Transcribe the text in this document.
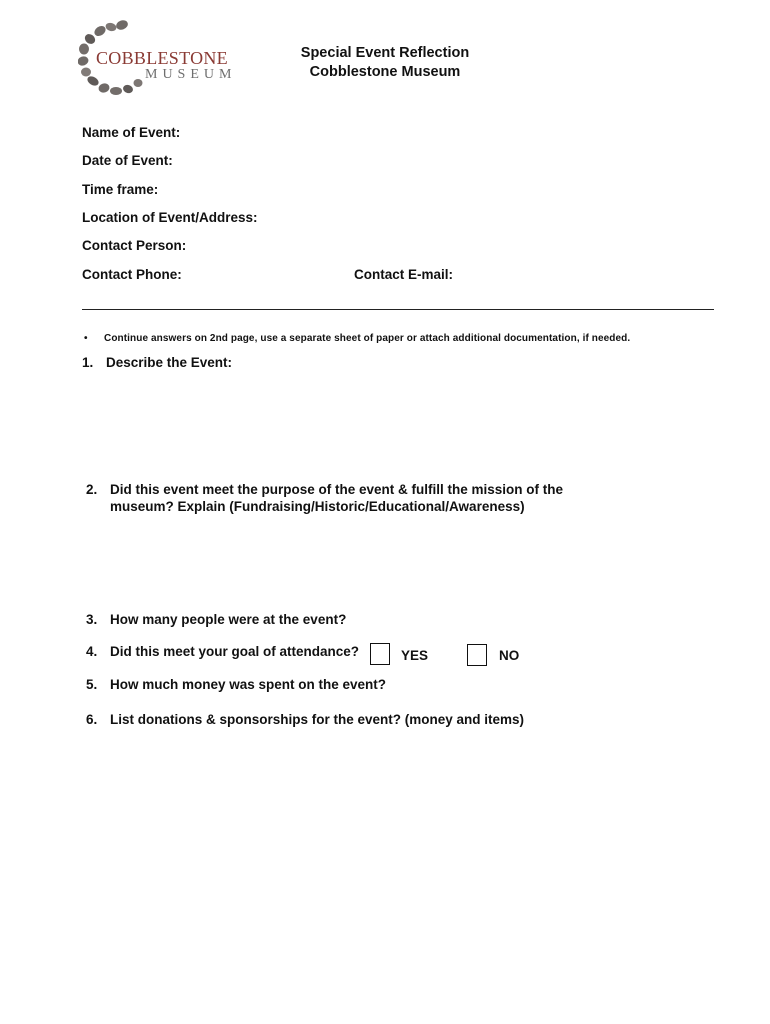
COBBLESTONE
MUSEUM
Special Event Reflection
Cobblestone Museum
Name of Event:
Date of Event:
Time frame:
Location of Event/Address:
Contact Person:
Contact Phone:	Contact E-mail:
• Continue answers on 2nd page, use a separate sheet of paper or attach additional documentation, if needed.
1. Describe the Event:
2. Did this event meet the purpose of the event & fulfill the mission of the
museum? Explain (Fundraising/Historic/Educational/Awareness)
3. How many people were at the event?
4. Did this meet your goal of attendance?	YES	NO
5. How much money was spent on the event?
6. List donations & sponsorships for the event? (money and items)
